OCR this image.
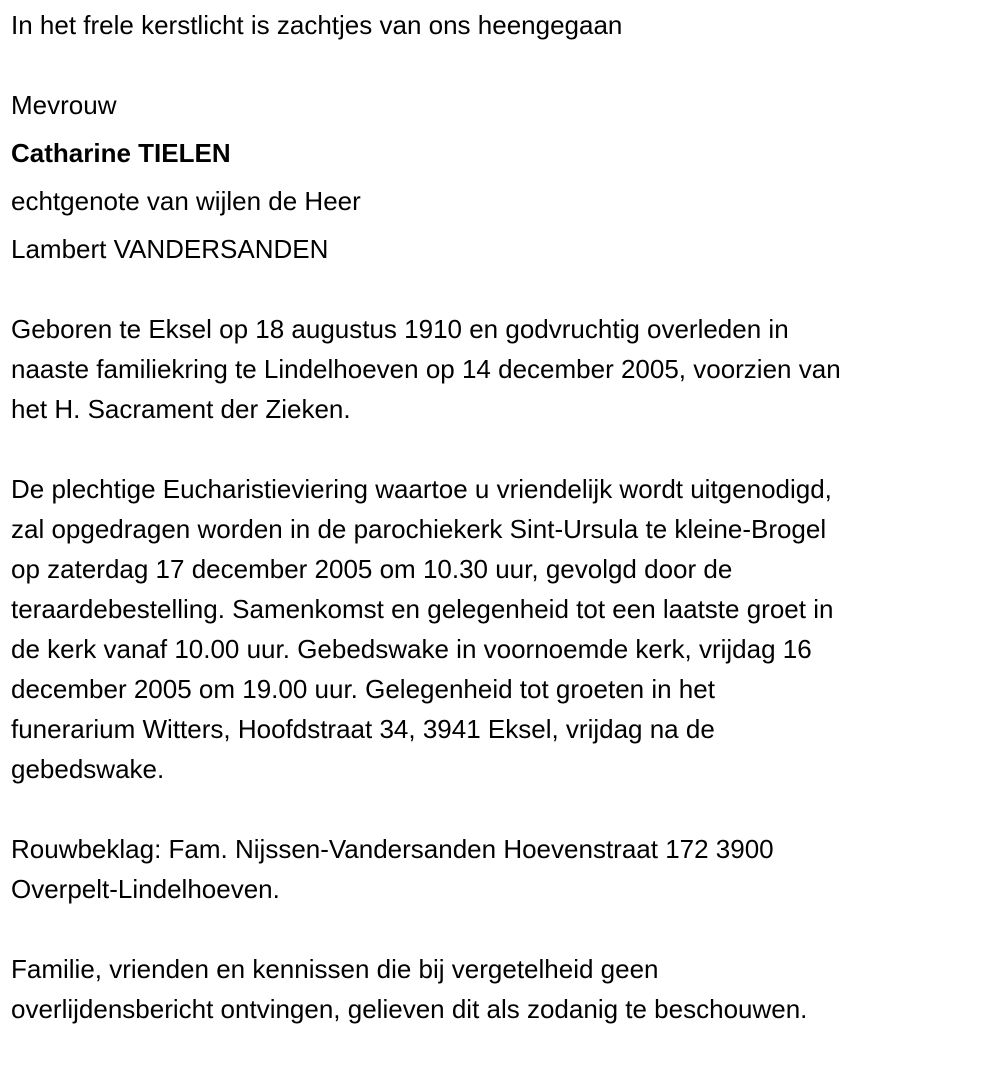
In het frele kerstlicht is zachtjes van ons heengegaan
Mevrouw
Catharine TIELEN
echtgenote van wijlen de Heer
Lambert VANDERSANDEN
Geboren te Eksel op 18 augustus 1910 en godvruchtig overleden in
naaste familiekring te Lindelhoeven op 14 december 2005, voorzien van
het H. Sacrament der Zieken.
De plechtige Eucharistieviering waartoe u vriendelijk wordt uitgenodigd,
zal opgedragen worden in de parochiekerk Sint-Ursula te kleine-Brogel
op zaterdag 17 december 2005 om 10.30 uur, gevolgd door de
teraardebestelling. Samenkomst en gelegenheid tot een laatste groet in
de kerk vanaf 10.00 uur. Gebedswake in voornoemde kerk, vrijdag 16
december 2005 om 19.00 uur. Gelegenheid tot groeten in het
funerarium Witters, Hoofdstraat 34, 3941 Eksel, vrijdag na de
gebedswake.
Rouwbeklag: Fam. Nijssen-Vandersanden Hoevenstraat 172 3900
Overpelt-Lindelhoeven.
Familie, vrienden en kennissen die bij vergetelheid geen
overlijdensbericht ontvingen, gelieven dit als zodanig te beschouwen.
